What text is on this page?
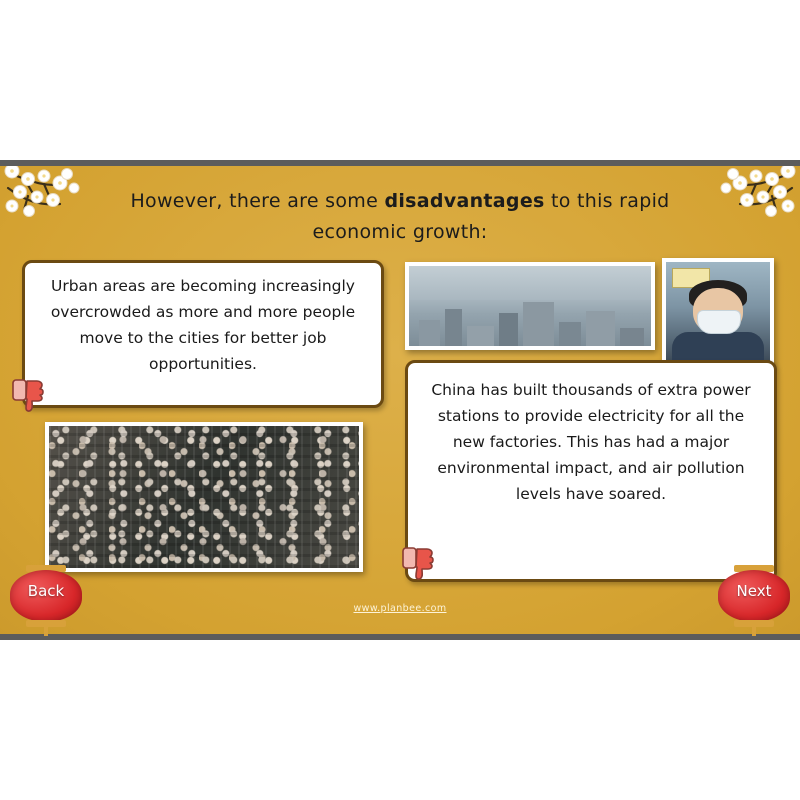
However, there are some disadvantages to this rapid
economic growth:
Urban areas are becoming increasingly overcrowded as more and more people move to the cities for better job opportunities.
China has built thousands of extra power stations to provide electricity for all the new factories. This has had a major environmental impact, and air pollution levels have soared.
www.planbee.com
Back	Next
